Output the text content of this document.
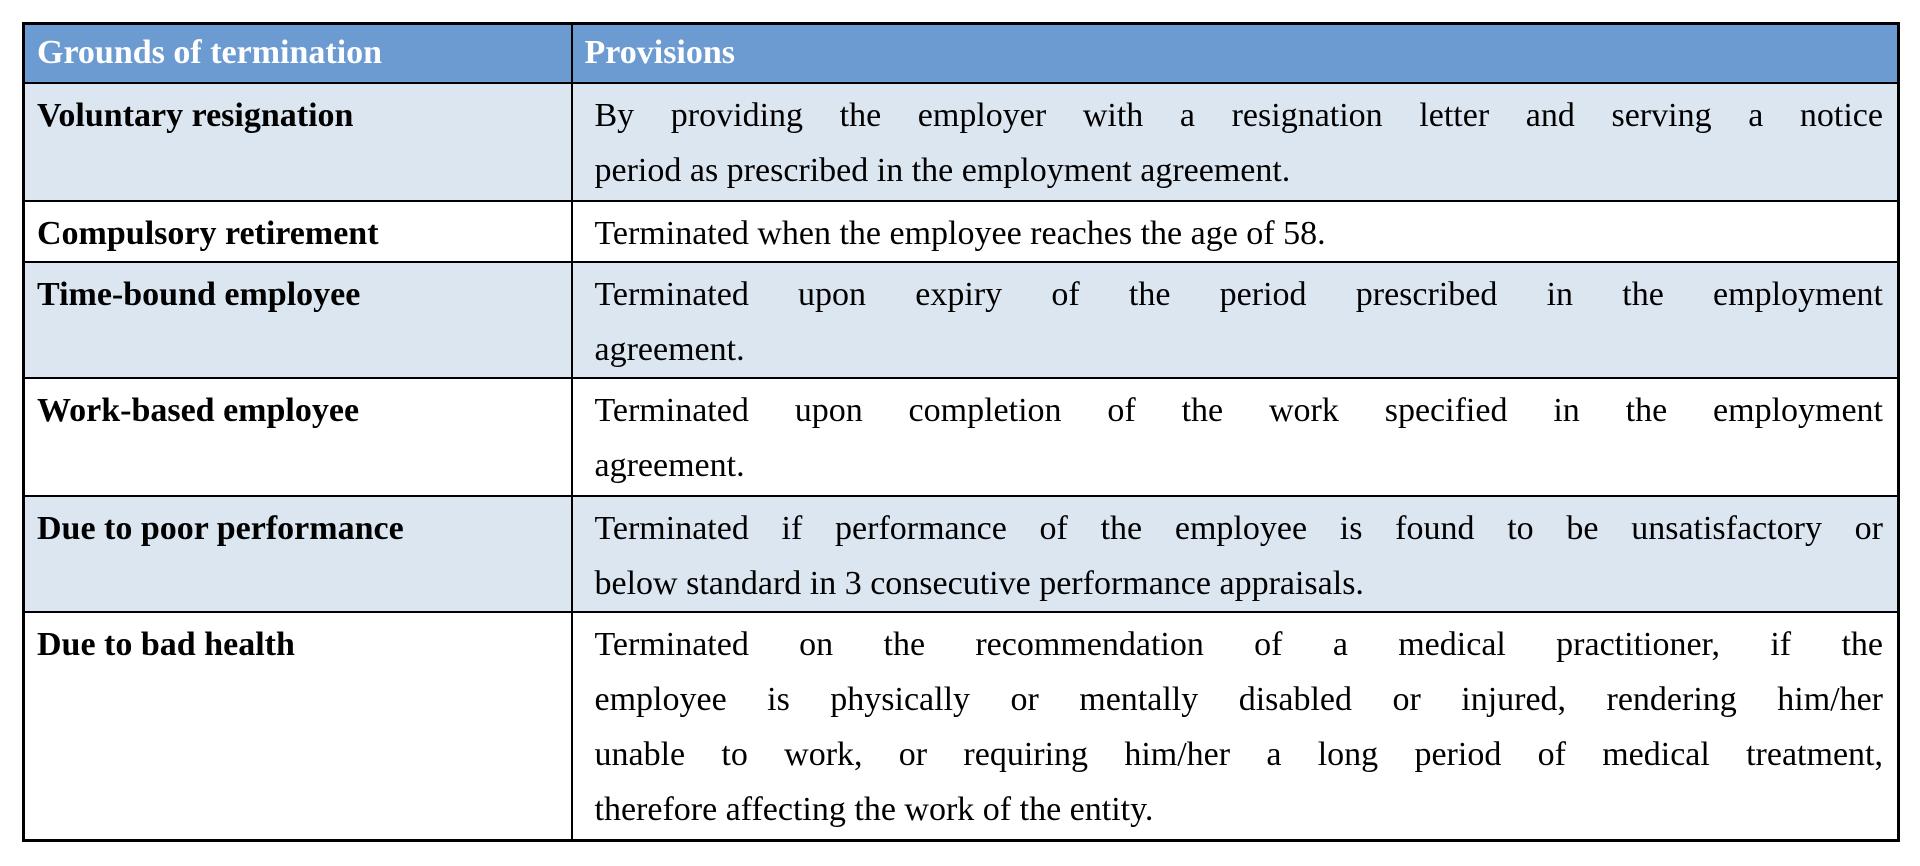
Grounds of termination	Provisions
Voluntary resignation	By providing the employer with a resignation letter and serving a notice
period as prescribed in the employment agreement.

Compulsory retirement	Terminated when the employee reaches the age of 58.

Time-bound employee	Terminated upon expiry of the period prescribed in the employment
agreement.

Work-based employee	Terminated upon completion of the work specified in the employment
agreement.

Due to poor performance	Terminated if performance of the employee is found to be unsatisfactory or
below standard in 3 consecutive performance appraisals.

Due to bad health	Terminated on the recommendation of a medical practitioner, if the
employee is physically or mentally disabled or injured, rendering him/her
unable to work, or requiring him/her a long period of medical treatment,
therefore affecting the work of the entity.
